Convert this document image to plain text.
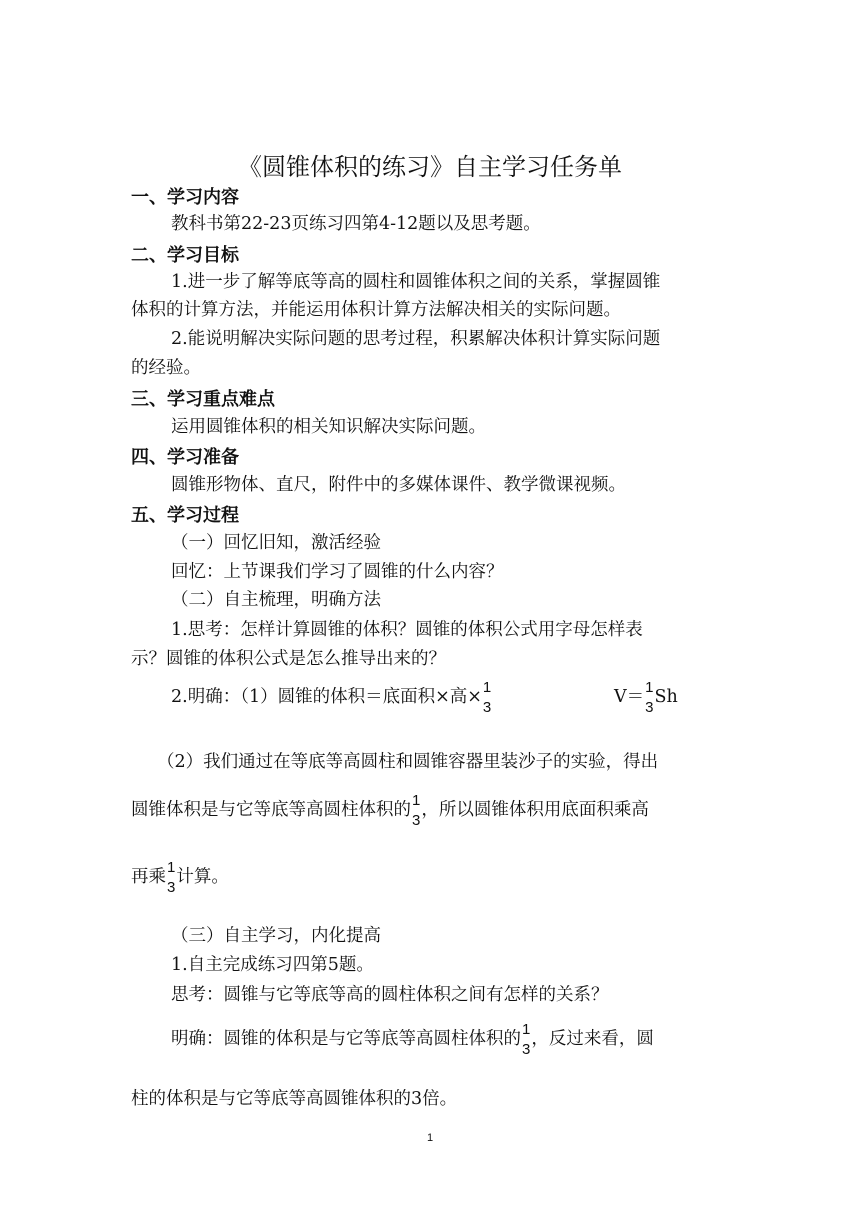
《圆锥体积的练习》自主学习任务单
一、学习内容
教科书第22-23页练习四第4-12题以及思考题。
二、学习目标
1.进一步了解等底等高的圆柱和圆锥体积之间的关系，掌握圆锥
体积的计算方法，并能运用体积计算方法解决相关的实际问题。
2.能说明解决实际问题的思考过程，积累解决体积计算实际问题
的经验。
三、学习重点难点
运用圆锥体积的相关知识解决实际问题。
四、学习准备
圆锥形物体、直尺，附件中的多媒体课件、教学微课视频。
五、学习过程
（一）回忆旧知，激活经验
回忆：上节课我们学习了圆锥的什么内容？
（二）自主梳理，明确方法
1.思考：怎样计算圆锥的体积？圆锥的体积公式用字母怎样表
示？圆锥的体积公式是怎么推导出来的？
2.明确：（1）圆锥的体积＝底面积×高× 1
3
V＝ 1
3
Sh
（2）我们通过在等底等高圆柱和圆锥容器里装沙子的实验，得出
圆锥体积是与它等底等高圆柱体积的 1
3
，所以圆锥体积用底面积乘高
再乘 1
3
计算。
（三）自主学习，内化提高
1.自主完成练习四第5题。
思考：圆锥与它等底等高的圆柱体积之间有怎样的关系？
明确：圆锥的体积是与它等底等高圆柱体积的 1
3
，反过来看，圆
柱的体积是与它等底等高圆锥体积的3倍。
1
